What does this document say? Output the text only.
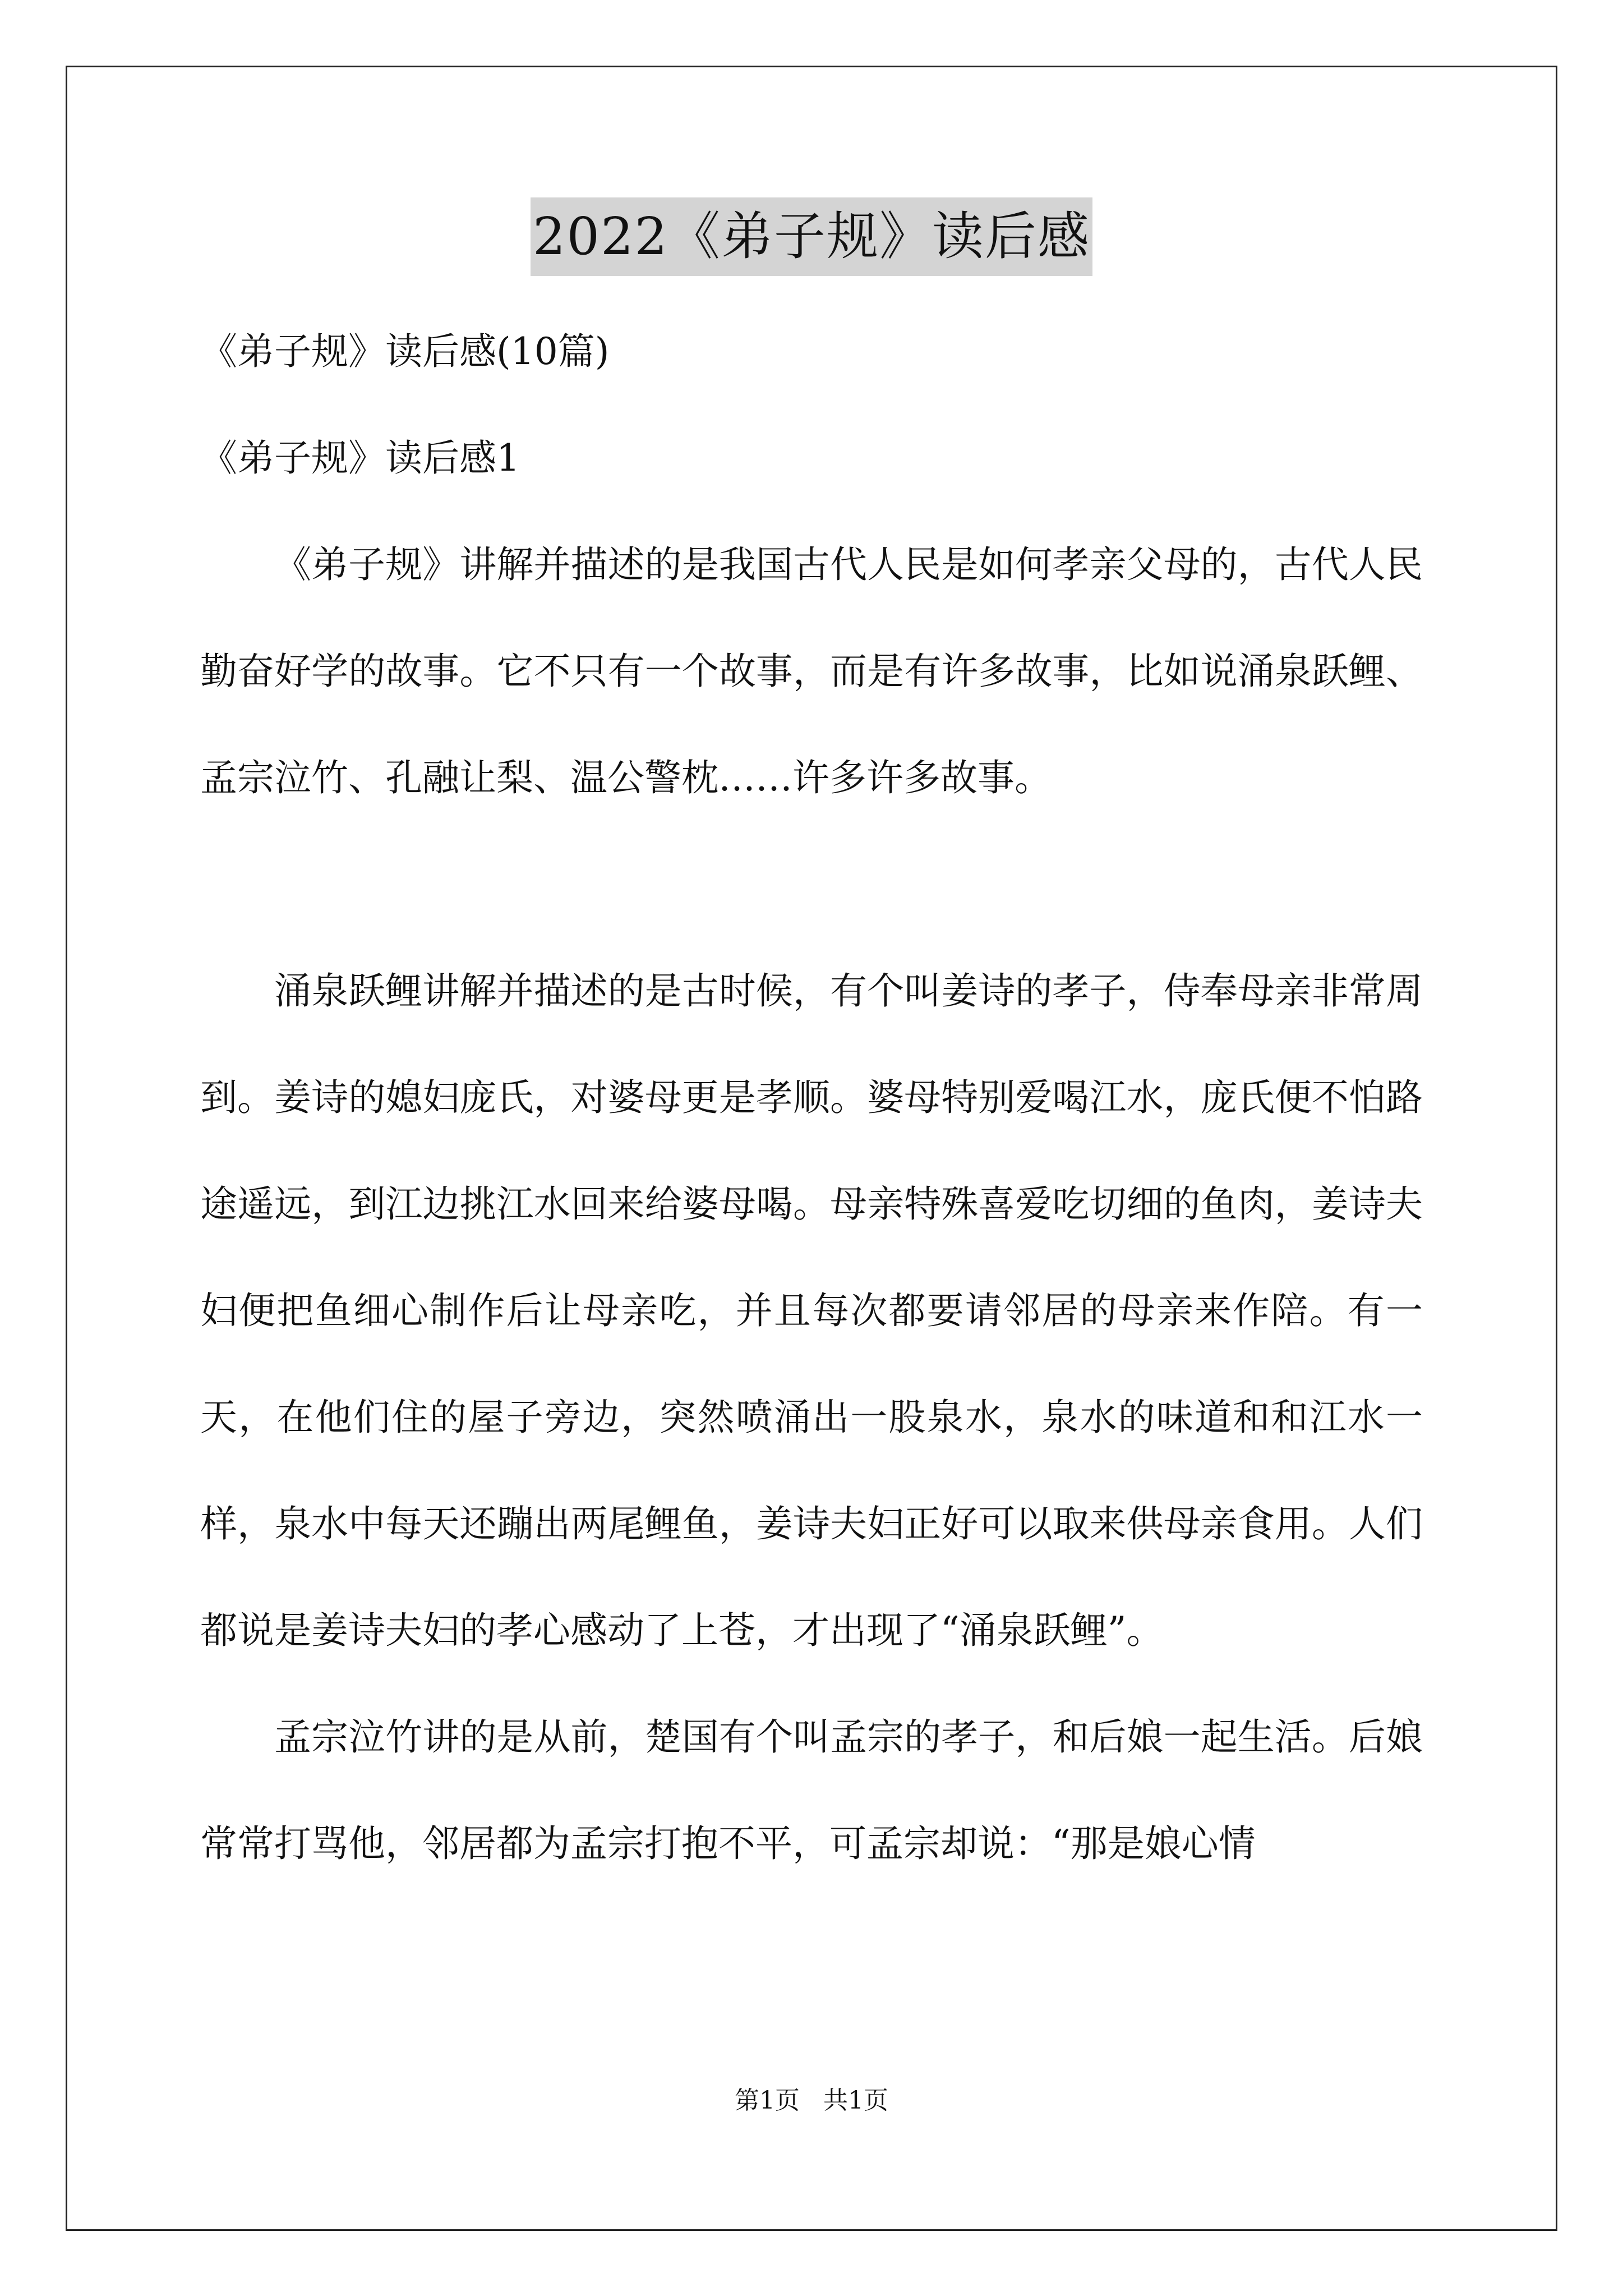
2022《弟子规》读后感

《弟子规》读后感(10篇)

《弟子规》读后感1

《弟子规》讲解并描述的是我国古代人民是如何孝亲父母的，古代人民勤奋好学的故事。它不只有一个故事，而是有许多故事，比如说涌泉跃鲤、孟宗泣竹、孔融让梨、温公警枕……许多许多故事。

涌泉跃鲤讲解并描述的是古时候，有个叫姜诗的孝子，侍奉母亲非常周到。姜诗的媳妇庞氏，对婆母更是孝顺。婆母特别爱喝江水，庞氏便不怕路途遥远，到江边挑江水回来给婆母喝。母亲特殊喜爱吃切细的鱼肉，姜诗夫妇便把鱼细心制作后让母亲吃，并且每次都要请邻居的母亲来作陪。有一天，在他们住的屋子旁边，突然喷涌出一股泉水，泉水的味道和和江水一样，泉水中每天还蹦出两尾鲤鱼，姜诗夫妇正好可以取来供母亲食用。人们都说是姜诗夫妇的孝心感动了上苍，才出现了“涌泉跃鲤”。

孟宗泣竹讲的是从前，楚国有个叫孟宗的孝子，和后娘一起生活。后娘常常打骂他，邻居都为孟宗打抱不平，可孟宗却说：“那是娘心情

第1页   共1页
